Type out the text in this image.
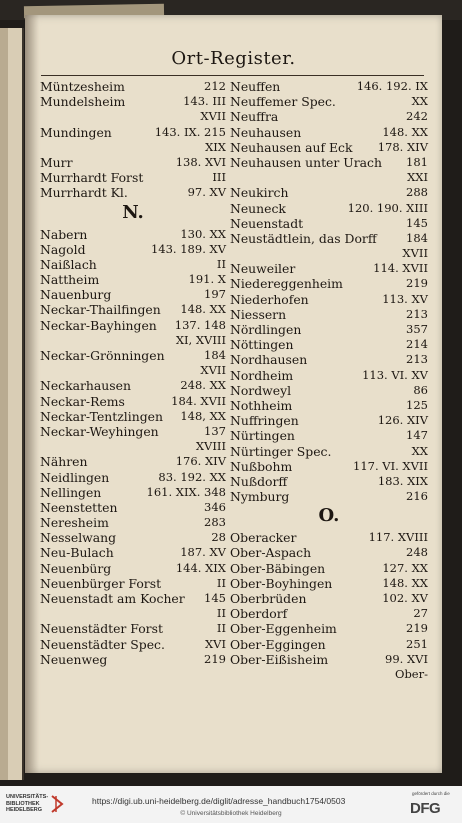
Ort-Register.
Müntzesheim	212
Mundelsheim	143. III
XVII
Mundingen	143. IX. 215
XIX
Murr	138. XVI
Murrhardt Forst	III
Murrhardt Kl.	97. XV
N.
Nabern	130. XX
Nagold	143. 189. XV
Naißlach	II
Nattheim	191. X
Nauenburg	197
Neckar-Thailfingen 148. XX
Neckar-Bayhingen 137. 148
XI, XVIII
Neckar-Grönningen	184
XVII
Neckarhausen	248. XX
Neckar-Rems	184. XVII
Neckar-Tentzlingen 148, XX
Neckar-Weyhingen	137
XVIII
Nähren	176. XIV
Neidlingen	83. 192. XX
Nellingen	161. XIX. 348
Neenstetten	346
Neresheim	283
Nesselwang	28
Neu-Bulach	187. XV
Neuenbürg	144. XIX
Neuenbürger Forst	II
Neuenstadt am Kocher 145
II
Neuenstädter Forst	II
Neuenstädter Spec.	XVI
Neuenweg	219
Neuffen	146. 192. IX
Neuffemer Spec.	XX
Neuffra	242
Neuhausen	148. XX
Neuhausen auf Eck 178. XIV
Neuhausen unter Urach 181
XXI
Neukirch	288
Neuneck	120. 190. XIII
Neuenstadt	145
Neustädtlein, das Dorff	184
XVII
Neuweiler	114. XVII
Niedereggenheim	219
Niederhofen	113. XV
Niessern	213
Nördlingen	357
Nöttingen	214
Nordhausen	213
Nordheim	113. VI. XV
Nordweyl	86
Nothheim	125
Nuffringen	126. XIV
Nürtingen	147
Nürtinger Spec.	XX
Nußbohm	117. VI. XVII
Nußdorff	183. XIX
Nymburg	216
O.
Oberacker	117. XVIII
Ober-Aspach	248
Ober-Bäbingen	127. XX
Ober-Boyhingen	148. XX
Oberbrüden	102. XV
Oberdorf	27
Ober-Eggenheim	219
Ober-Eggingen	251
Ober-Eißisheim	99. XVI
Ober-
UNIVERSITÄTS- BIBLIOTHEK HEIDELBERG
https://digi.ub.uni-heidelberg.de/diglit/adresse_handbuch1754/0503
© Universitätsbibliothek Heidelberg
gefördert durch die
DFG
